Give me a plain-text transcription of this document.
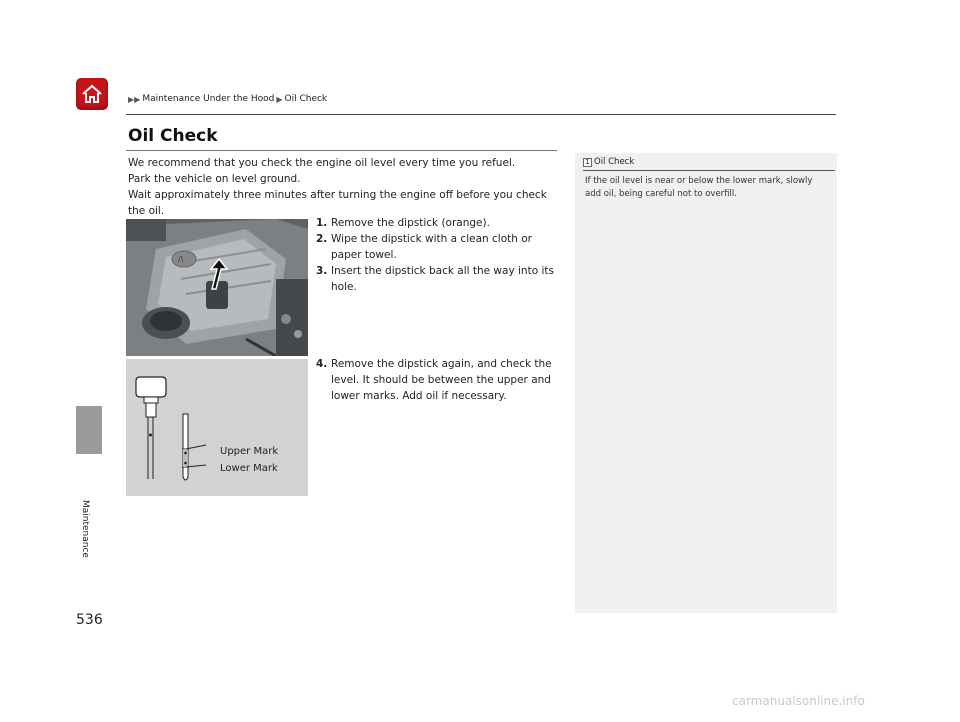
▶▶ Maintenance Under the Hood ▶ Oil Check
Maintenance
Oil Check
We recommend that you check the engine oil level every time you refuel.
Park the vehicle on level ground.
Wait approximately three minutes after turning the engine off before you check the oil.
/\
1. Remove the dipstick (orange).
2. Wipe the dipstick with a clean cloth or paper towel.
3. Insert the dipstick back all the way into its hole.
Upper Mark
Lower Mark
4. Remove the dipstick again, and check the level. It should be between the upper and lower marks. Add oil if necessary.
1 Oil Check
If the oil level is near or below the lower mark, slowly add oil, being careful not to overfill.
536
carmanualsonline.info
